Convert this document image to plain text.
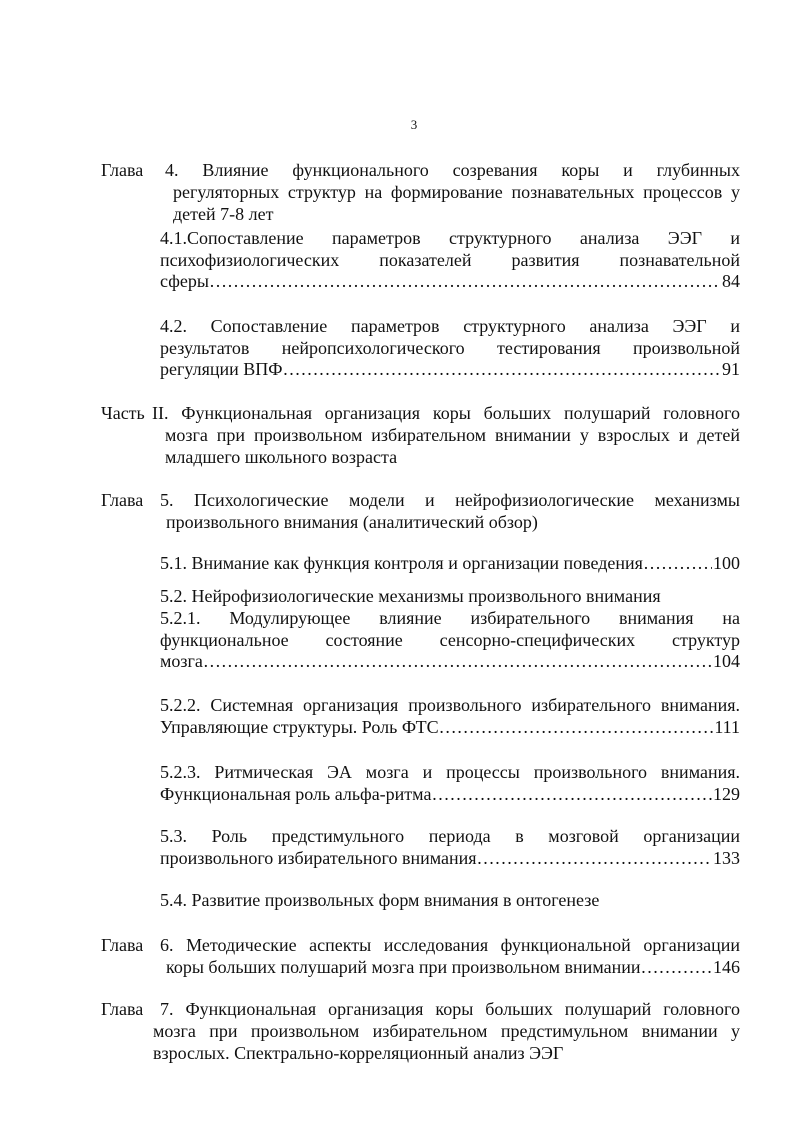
3
Глава 4. Влияние функционального созревания коры и глубинных
регуляторных структур на формирование познавательных процессов у
детей 7-8 лет
4.1.Сопоставление параметров структурного анализа ЭЭГ и
психофизиологических показателей развития познавательной
сферы …………………………………………………………………………………………………………………………………………………………………………………………	84
4.2. Сопоставление параметров структурного анализа ЭЭГ и
результатов нейропсихологического тестирования произвольной
регуляции ВПФ …………………………………………………………………………………………………………………………………………………………………………………………	91
Часть II. Функциональная организация коры больших полушарий головного
мозга при произвольном избирательном внимании у взрослых и детей
младшего школьного возраста
Глава 5. Психологические модели и нейрофизиологические механизмы
произвольного внимания (аналитический обзор)
5.1. Внимание как функция контроля и организации поведения …………………………………………………………………………………………………………………………………………………………………………………………	100
5.2. Нейрофизиологические механизмы произвольного внимания
5.2.1. Модулирующее влияние избирательного внимания на
функциональное состояние сенсорно-специфических структур
мозга …………………………………………………………………………………………………………………………………………………………………………………………	104
5.2.2. Системная организация произвольного избирательного внимания.
Управляющие структуры. Роль ФТС …………………………………………………………………………………………………………………………………………………………………………………………	111
5.2.3. Ритмическая ЭА мозга и процессы произвольного внимания.
Функциональная роль альфа-ритма …………………………………………………………………………………………………………………………………………………………………………………………	129
5.3. Роль предстимульного периода в мозговой организации
произвольного избирательного внимания …………………………………………………………………………………………………………………………………………………………………………………………	133
5.4. Развитие произвольных форм внимания в онтогенезе
Глава 6. Методические аспекты исследования функциональной организации
коры больших полушарий мозга при произвольном внимании …………………………………………………………………………………………………………………………………………………………………………………………	146
Глава 7. Функциональная организация коры больших полушарий головного
мозга при произвольном избирательном предстимульном внимании у
взрослых. Спектрально-корреляционный анализ ЭЭГ
